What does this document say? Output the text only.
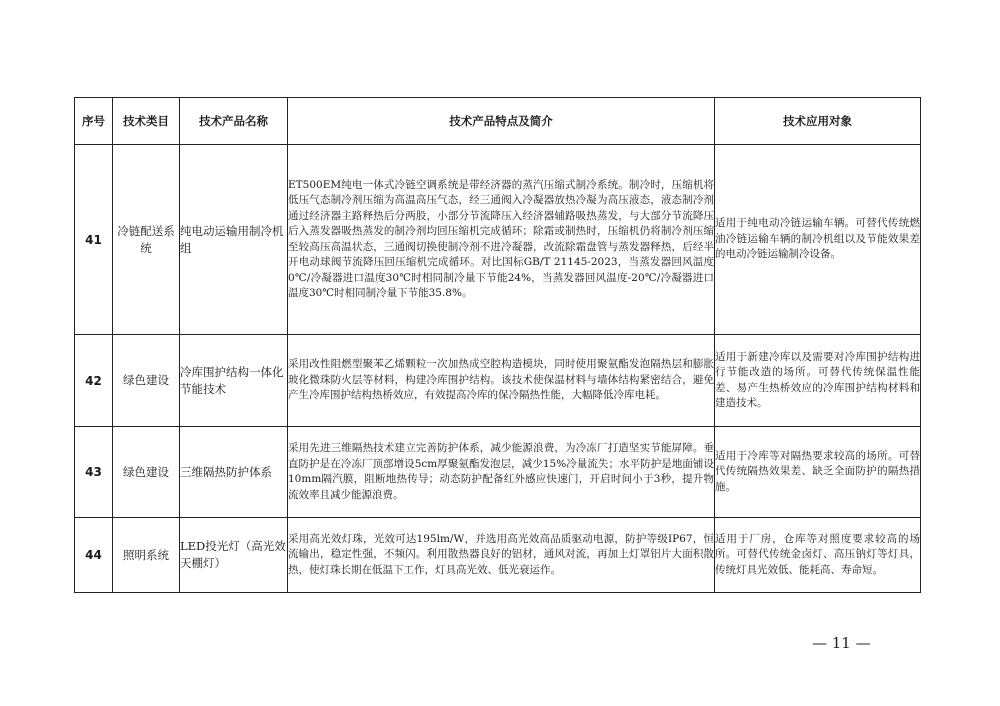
序号	技术类目	技术产品名称	技术产品特点及简介	技术应用对象
41	冷链配送系统	纯电动运输用制冷机组	ET500EM纯电一体式冷链空调系统是带经济器的蒸汽压缩式制冷系统。制冷时，压缩机将低压气态制冷剂压缩为高温高压气态，经三通阀入冷凝器放热冷凝为高压液态，液态制冷剂通过经济器主路释热后分两股，小部分节流降压入经济器辅路吸热蒸发，与大部分节流降压后入蒸发器吸热蒸发的制冷剂均回压缩机完成循环；除霜或制热时，压缩机仍将制冷剂压缩至较高压高温状态，三通阀切换使制冷剂不进冷凝器，改流除霜盘管与蒸发器释热，后经半开电动球阀节流降压回压缩机完成循环。对比国标GB/T 21145-2023，当蒸发器回风温度0℃/冷凝器进口温度30℃时相同制冷量下节能24%，当蒸发器回风温度-20℃/冷凝器进口温度30℃时相同制冷量下节能35.8%。	适用于纯电动冷链运输车辆。可替代传统燃油冷链运输车辆的制冷机组以及节能效果差的电动冷链运输制冷设备。
42	绿色建设	冷库围护结构一体化节能技术	采用改性阻燃型聚苯乙烯颗粒一次加热成空腔构造模块，同时使用聚氨酯发泡隔热层和膨胀玻化微珠防火层等材料，构建冷库围护结构。该技术使保温材料与墙体结构紧密结合，避免产生冷库围护结构热桥效应，有效提高冷库的保冷隔热性能，大幅降低冷库电耗。	适用于新建冷库以及需要对冷库围护结构进行节能改造的场所。可替代传统保温性能差、易产生热桥效应的冷库围护结构材料和建造技术。
43	绿色建设	三维隔热防护体系	采用先进三维隔热技术建立完善防护体系，减少能源浪费，为冷冻厂打造坚实节能屏障。垂直防护是在冷冻厂顶部增设5cm厚聚氨酯发泡层，减少15%冷量流失；水平防护是地面铺设10mm隔汽膜，阻断地热传导；动态防护配备红外感应快速门，开启时间小于3秒，提升物流效率且减少能源浪费。	适用于冷库等对隔热要求较高的场所。可替代传统隔热效果差、缺乏全面防护的隔热措施。
44	照明系统	LED投光灯（高光效天棚灯）	采用高光效灯珠，光效可达195lm/W，并选用高光效高品质驱动电源，防护等级IP67，恒流输出，稳定性强，不频闪。利用散热器良好的铝材，通风对流，再加上灯罩铝片大面积散热，使灯珠长期在低温下工作，灯具高光效、低光衰运作。	适用于厂房，仓库等对照度要求较高的场所。可替代传统金卤灯、高压钠灯等灯具，传统灯具光效低、能耗高、寿命短。
— 11 —
